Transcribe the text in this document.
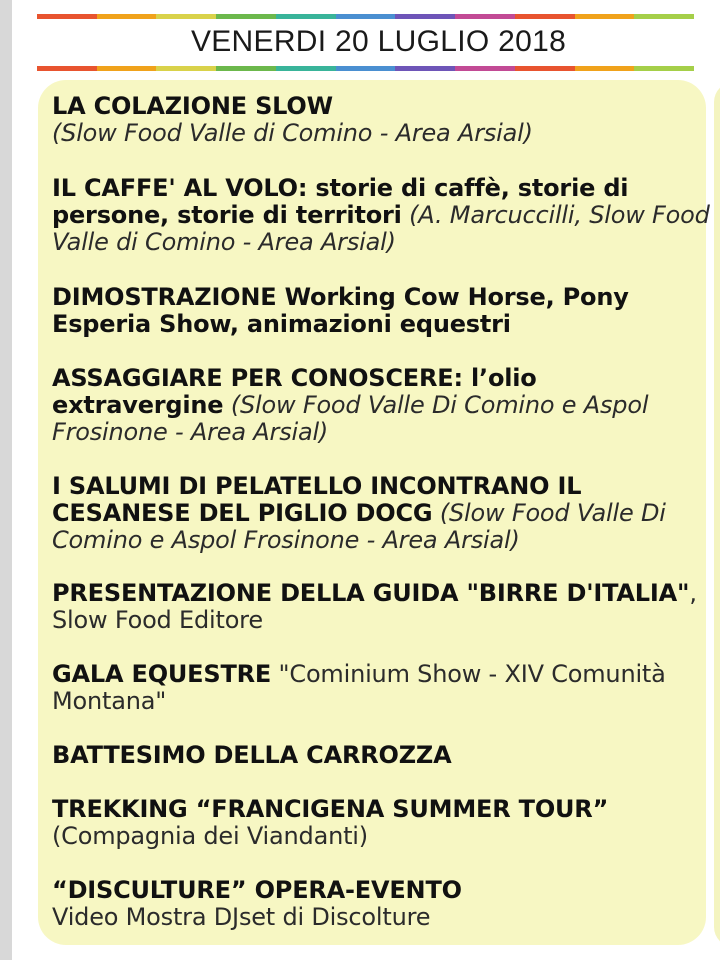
VENERDI 20 LUGLIO 2018
LA COLAZIONE SLOW
(Slow Food Valle di Comino - Area Arsial)
IL CAFFE' AL VOLO: storie di caffè, storie di persone, storie di territori (A. Marcuccilli, Slow Food Valle di Comino - Area Arsial)
DIMOSTRAZIONE Working Cow Horse, Pony Esperia Show, animazioni equestri
ASSAGGIARE PER CONOSCERE: l’olio extravergine (Slow Food Valle Di Comino e Aspol Frosinone - Area Arsial)
I SALUMI DI PELATELLO INCONTRANO IL CESANESE DEL PIGLIO DOCG (Slow Food Valle Di Comino e Aspol Frosinone - Area Arsial)
PRESENTAZIONE DELLA GUIDA "BIRRE D'ITALIA", Slow Food Editore
GALA EQUESTRE "Cominium Show - XIV Comunità Montana"
BATTESIMO DELLA CARROZZA
TREKKING “FRANCIGENA SUMMER TOUR”
(Compagnia dei Viandanti)
“DISCULTURE” OPERA-EVENTO
Video Mostra DJset di Discolture
